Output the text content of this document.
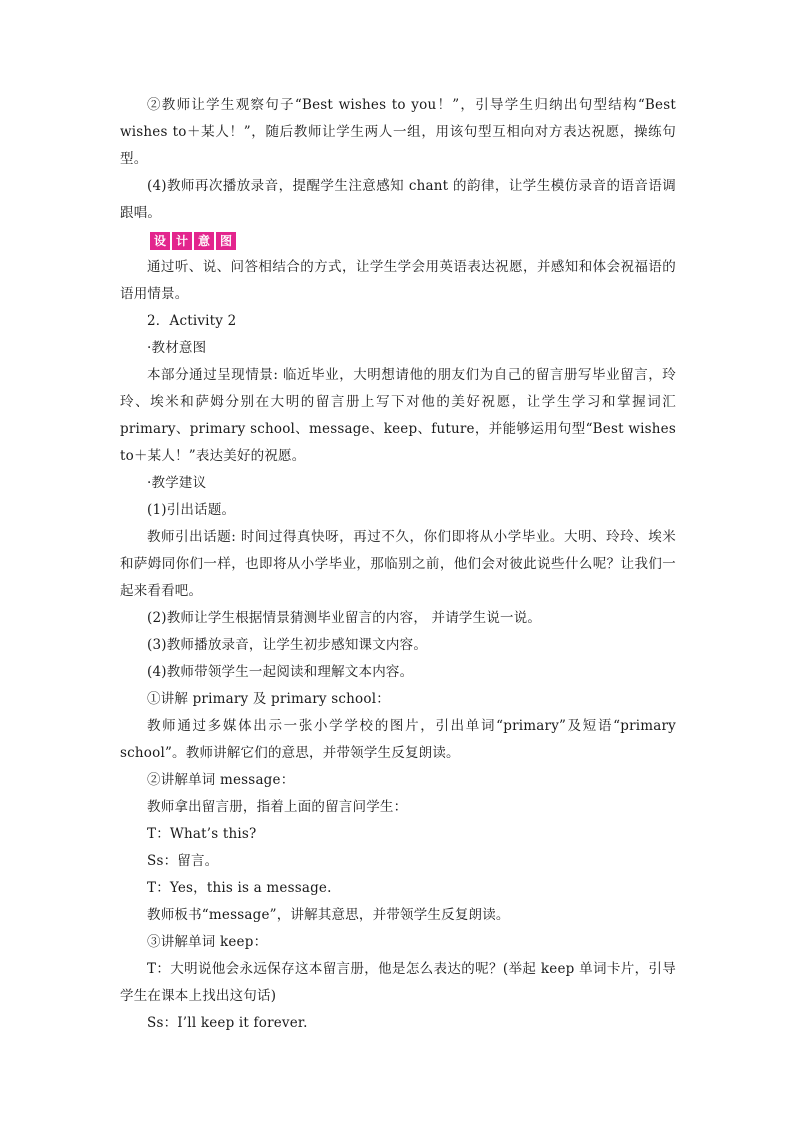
②教师让学生观察句子“Best wishes to you！”，引导学生归纳出句型结构“Best wishes to＋某人！”，随后教师让学生两人一组，用该句型互相向对方表达祝愿，操练句型。

(4)教师再次播放录音，提醒学生注意感知 chant 的韵律，让学生模仿录音的语音语调跟唱。

设 计 意 图

通过听、说、问答相结合的方式，让学生学会用英语表达祝愿，并感知和体会祝福语的语用情景。

2．Activity 2

·教材意图

本部分通过呈现情景: 临近毕业，大明想请他的朋友们为自己的留言册写毕业留言，玲玲、埃米和萨姆分别在大明的留言册上写下对他的美好祝愿，让学生学习和掌握词汇 primary、primary school、message、keep、future，并能够运用句型“Best wishes to＋某人！”表达美好的祝愿。

·教学建议

(1)引出话题。

教师引出话题: 时间过得真快呀，再过不久，你们即将从小学毕业。大明、玲玲、埃米和萨姆同你们一样，也即将从小学毕业，那临别之前，他们会对彼此说些什么呢？让我们一起来看看吧。

(2)教师让学生根据情景猜测毕业留言的内容， 并请学生说一说。

(3)教师播放录音，让学生初步感知课文内容。

(4)教师带领学生一起阅读和理解文本内容。

①讲解 primary 及 primary school：

教师通过多媒体出示一张小学学校的图片，引出单词“primary”及短语“primary school”。教师讲解它们的意思，并带领学生反复朗读。

②讲解单词 message：

教师拿出留言册，指着上面的留言问学生：

T：What’s this?

Ss：留言。

T：Yes，this is a message.

教师板书“message”，讲解其意思，并带领学生反复朗读。

③讲解单词 keep：

T：大明说他会永远保存这本留言册，他是怎么表达的呢？(举起 keep 单词卡片，引导学生在课本上找出这句话)

Ss：I’ll keep it forever.
